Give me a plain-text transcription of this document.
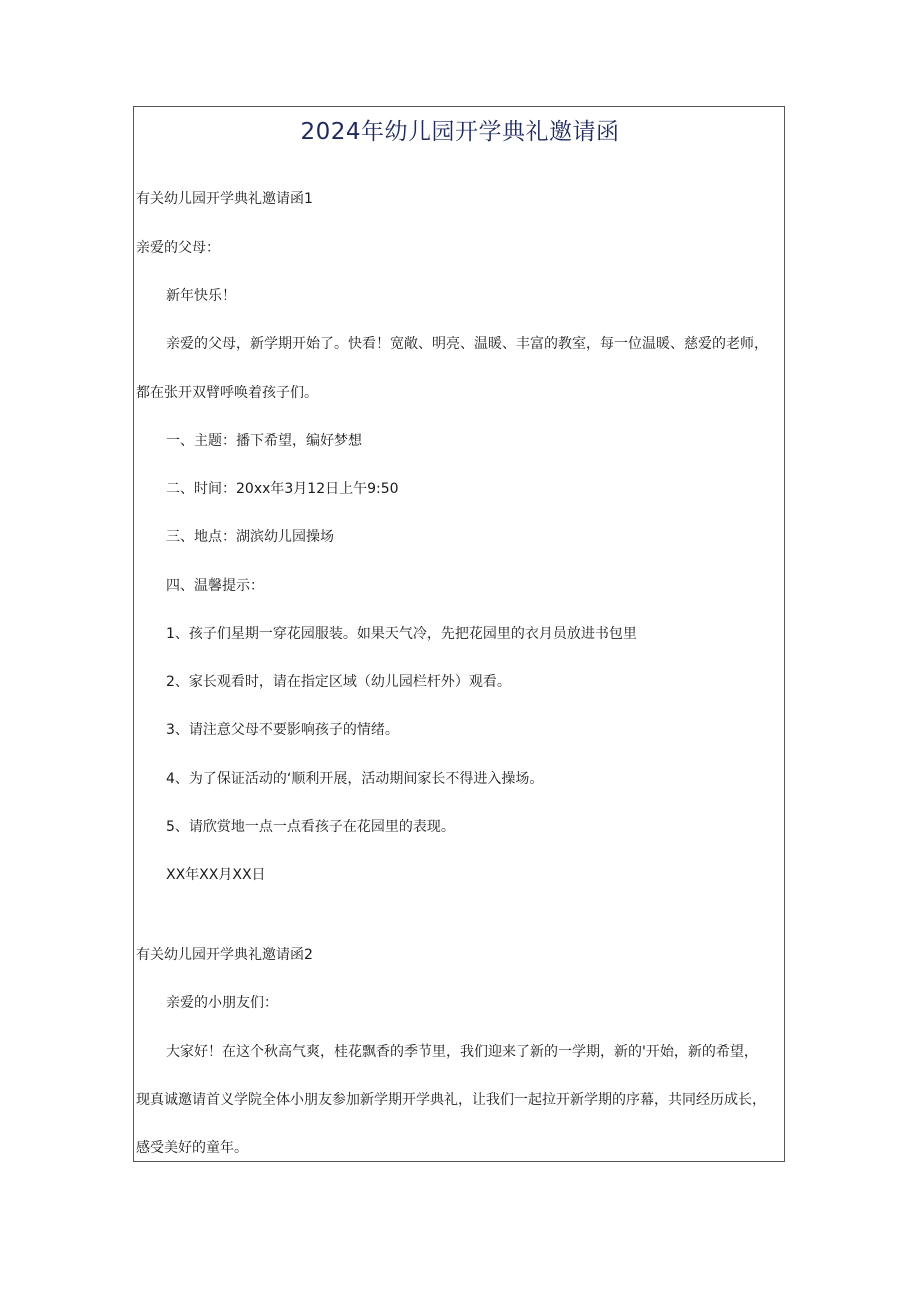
2024年幼儿园开学典礼邀请函
有关幼儿园开学典礼邀请函1
亲爱的父母：
新年快乐！
亲爱的父母，新学期开始了。快看！宽敞、明亮、温暖、丰富的教室，每一位温暖、慈爱的老师，
都在张开双臂呼唤着孩子们。
一、主题：播下希望，编好梦想
二、时间：20xx年3月12日上午9:50
三、地点：湖滨幼儿园操场
四、温馨提示：
1、孩子们星期一穿花园服装。如果天气冷，先把花园里的衣月员放进书包里
2、家长观看时，请在指定区域（幼儿园栏杆外）观看。
3、请注意父母不要影响孩子的情绪。
4、为了保证活动的‘顺利开展，活动期间家长不得进入操场。
5、请欣赏地一点一点看孩子在花园里的表现。
XX年XX月XX日
有关幼儿园开学典礼邀请函2
亲爱的小朋友们：
大家好！在这个秋高气爽，桂花飘香的季节里，我们迎来了新的一学期，新的'开始，新的希望，
现真诚邀请首义学院全体小朋友参加新学期开学典礼，让我们一起拉开新学期的序幕，共同经历成长，
感受美好的童年。
